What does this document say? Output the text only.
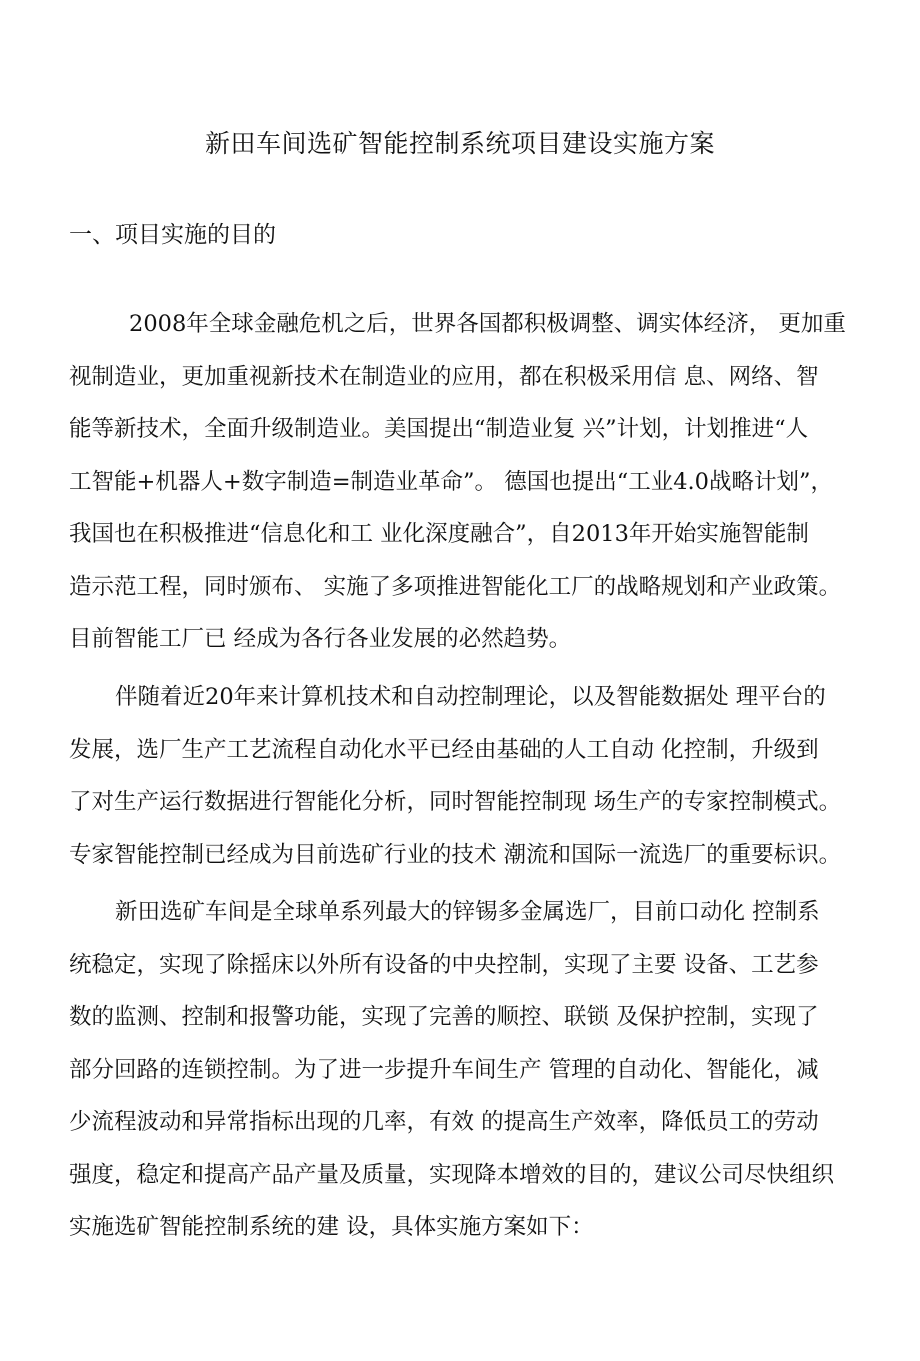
新田车间选矿智能控制系统项目建设实施方案
一、项目实施的目的

2008年全球金融危机之后，世界各国都积极调整、调实体经济， 更加重
视制造业，更加重视新技术在制造业的应用，都在积极采用信 息、网络、智
能等新技术，全面升级制造业。美国提出“制造业复 兴”计划，计划推进“人
工智能+机器人+数字制造=制造业革命”。 德国也提出“工业4.0战略计划”，
我国也在积极推进“信息化和工 业化深度融合”，自2013年开始实施智能制
造示范工程，同时颁布、 实施了多项推进智能化工厂的战略规划和产业政策。
目前智能工厂已 经成为各行各业发展的必然趋势。

伴随着近20年来计算机技术和自动控制理论，以及智能数据处 理平台的
发展，选厂生产工艺流程自动化水平已经由基础的人工自动 化控制，升级到
了对生产运行数据进行智能化分析，同时智能控制现 场生产的专家控制模式。
专家智能控制已经成为目前选矿行业的技术 潮流和国际一流选厂的重要标识。

新田选矿车间是全球单系列最大的锌锡多金属选厂，目前口动化 控制系
统稳定，实现了除摇床以外所有设备的中央控制，实现了主要 设备、工艺参
数的监测、控制和报警功能，实现了完善的顺控、联锁 及保护控制，实现了
部分回路的连锁控制。为了进一步提升车间生产 管理的自动化、智能化，减
少流程波动和异常指标出现的几率，有效 的提高生产效率，降低员工的劳动
强度，稳定和提高产品产量及质量，实现降本增效的目的，建议公司尽快组织
实施选矿智能控制系统的建 设，具体实施方案如下：
